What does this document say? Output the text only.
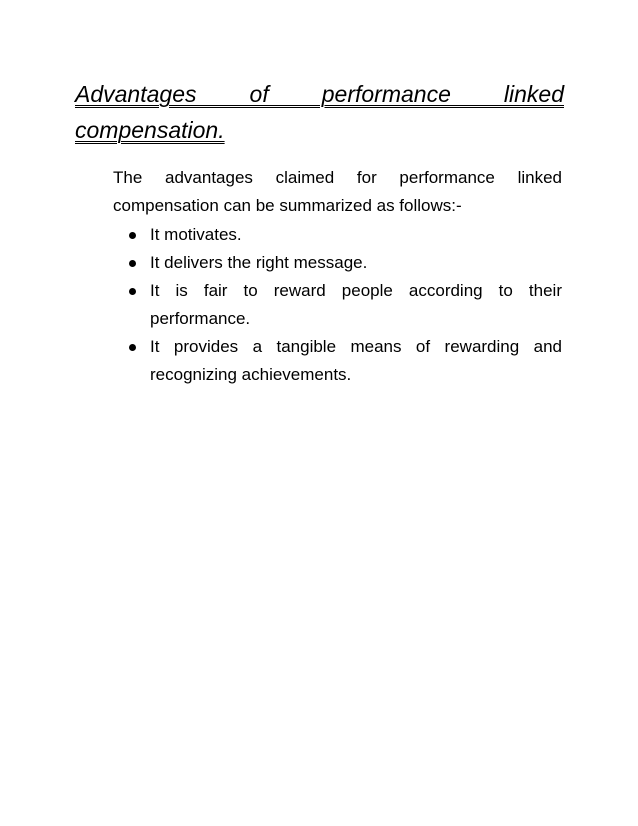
Advantages of performance linked compensation.

The advantages claimed for performance linked compensation can be summarized as follows:-

It motivates.
It delivers the right message.
It is fair to reward people according to their performance.
It provides a tangible means of rewarding and recognizing achievements.
